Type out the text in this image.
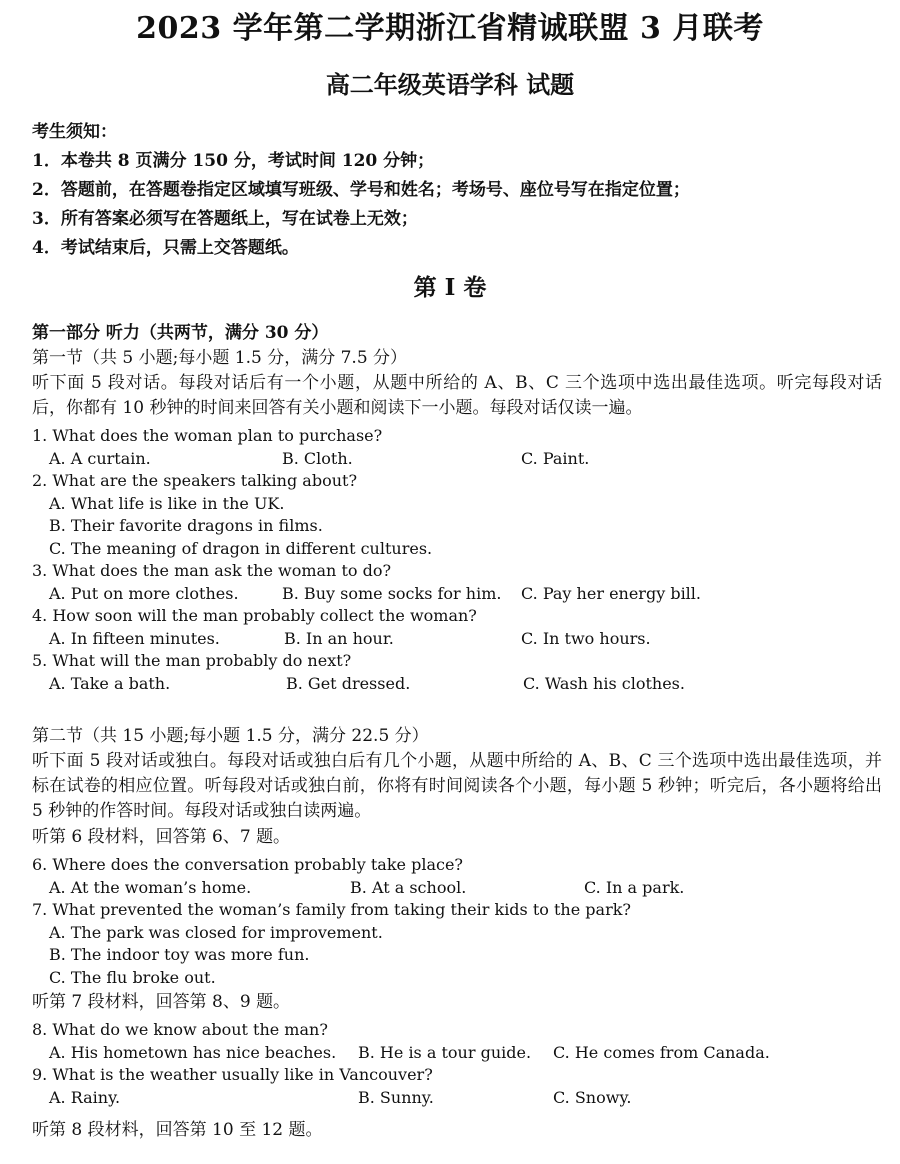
2023 学年第二学期浙江省精诚联盟 3 月联考
高二年级英语学科 试题
考生须知：
1．本卷共 8 页满分 150 分，考试时间 120 分钟；
2．答题前，在答题卷指定区域填写班级、学号和姓名；考场号、座位号写在指定位置；
3．所有答案必须写在答题纸上，写在试卷上无效；
4．考试结束后，只需上交答题纸。
第 I 卷
第一部分 听力（共两节，满分 30 分）
第一节（共 5 小题;每小题 1.5 分，满分 7.5 分）
听下面 5 段对话。每段对话后有一个小题，从题中所给的 A、B、C 三个选项中选出最佳选项。听完每段对话后，你都有 10 秒钟的时间来回答有关小题和阅读下一小题。每段对话仅读一遍。
1. What does the woman plan to purchase?
A. A curtain.	B. Cloth.	C. Paint.
2. What are the speakers talking about?
A. What life is like in the UK.
B. Their favorite dragons in films.
C. The meaning of dragon in different cultures.
3. What does the man ask the woman to do?
A. Put on more clothes.	B. Buy some socks for him. C. Pay her energy bill.
4. How soon will the man probably collect the woman?
A. In fifteen minutes.	B. In an hour.	C. In two hours.
5. What will the man probably do next?
A. Take a bath.	B. Get dressed.	C. Wash his clothes.
第二节（共 15 小题;每小题 1.5 分，满分 22.5 分）
听下面 5 段对话或独白。每段对话或独白后有几个小题，从题中所给的 A、B、C 三个选项中选出最佳选项，并标在试卷的相应位置。听每段对话或独白前，你将有时间阅读各个小题，每小题 5 秒钟；听完后，各小题将给出 5 秒钟的作答时间。每段对话或独白读两遍。
听第 6 段材料，回答第 6、7 题。
6. Where does the conversation probably take place?
A. At the woman’s home.	B. At a school.	C. In a park.
7. What prevented the woman’s family from taking their kids to the park?
A. The park was closed for improvement.
B. The indoor toy was more fun.
C. The flu broke out.
听第 7 段材料，回答第 8、9 题。
8. What do we know about the man?
A. His hometown has nice beaches. B. He is a tour guide. C. He comes from Canada.
9. What is the weather usually like in Vancouver?
A. Rainy.	B. Sunny.	C. Snowy.
听第 8 段材料，回答第 10 至 12 题。
